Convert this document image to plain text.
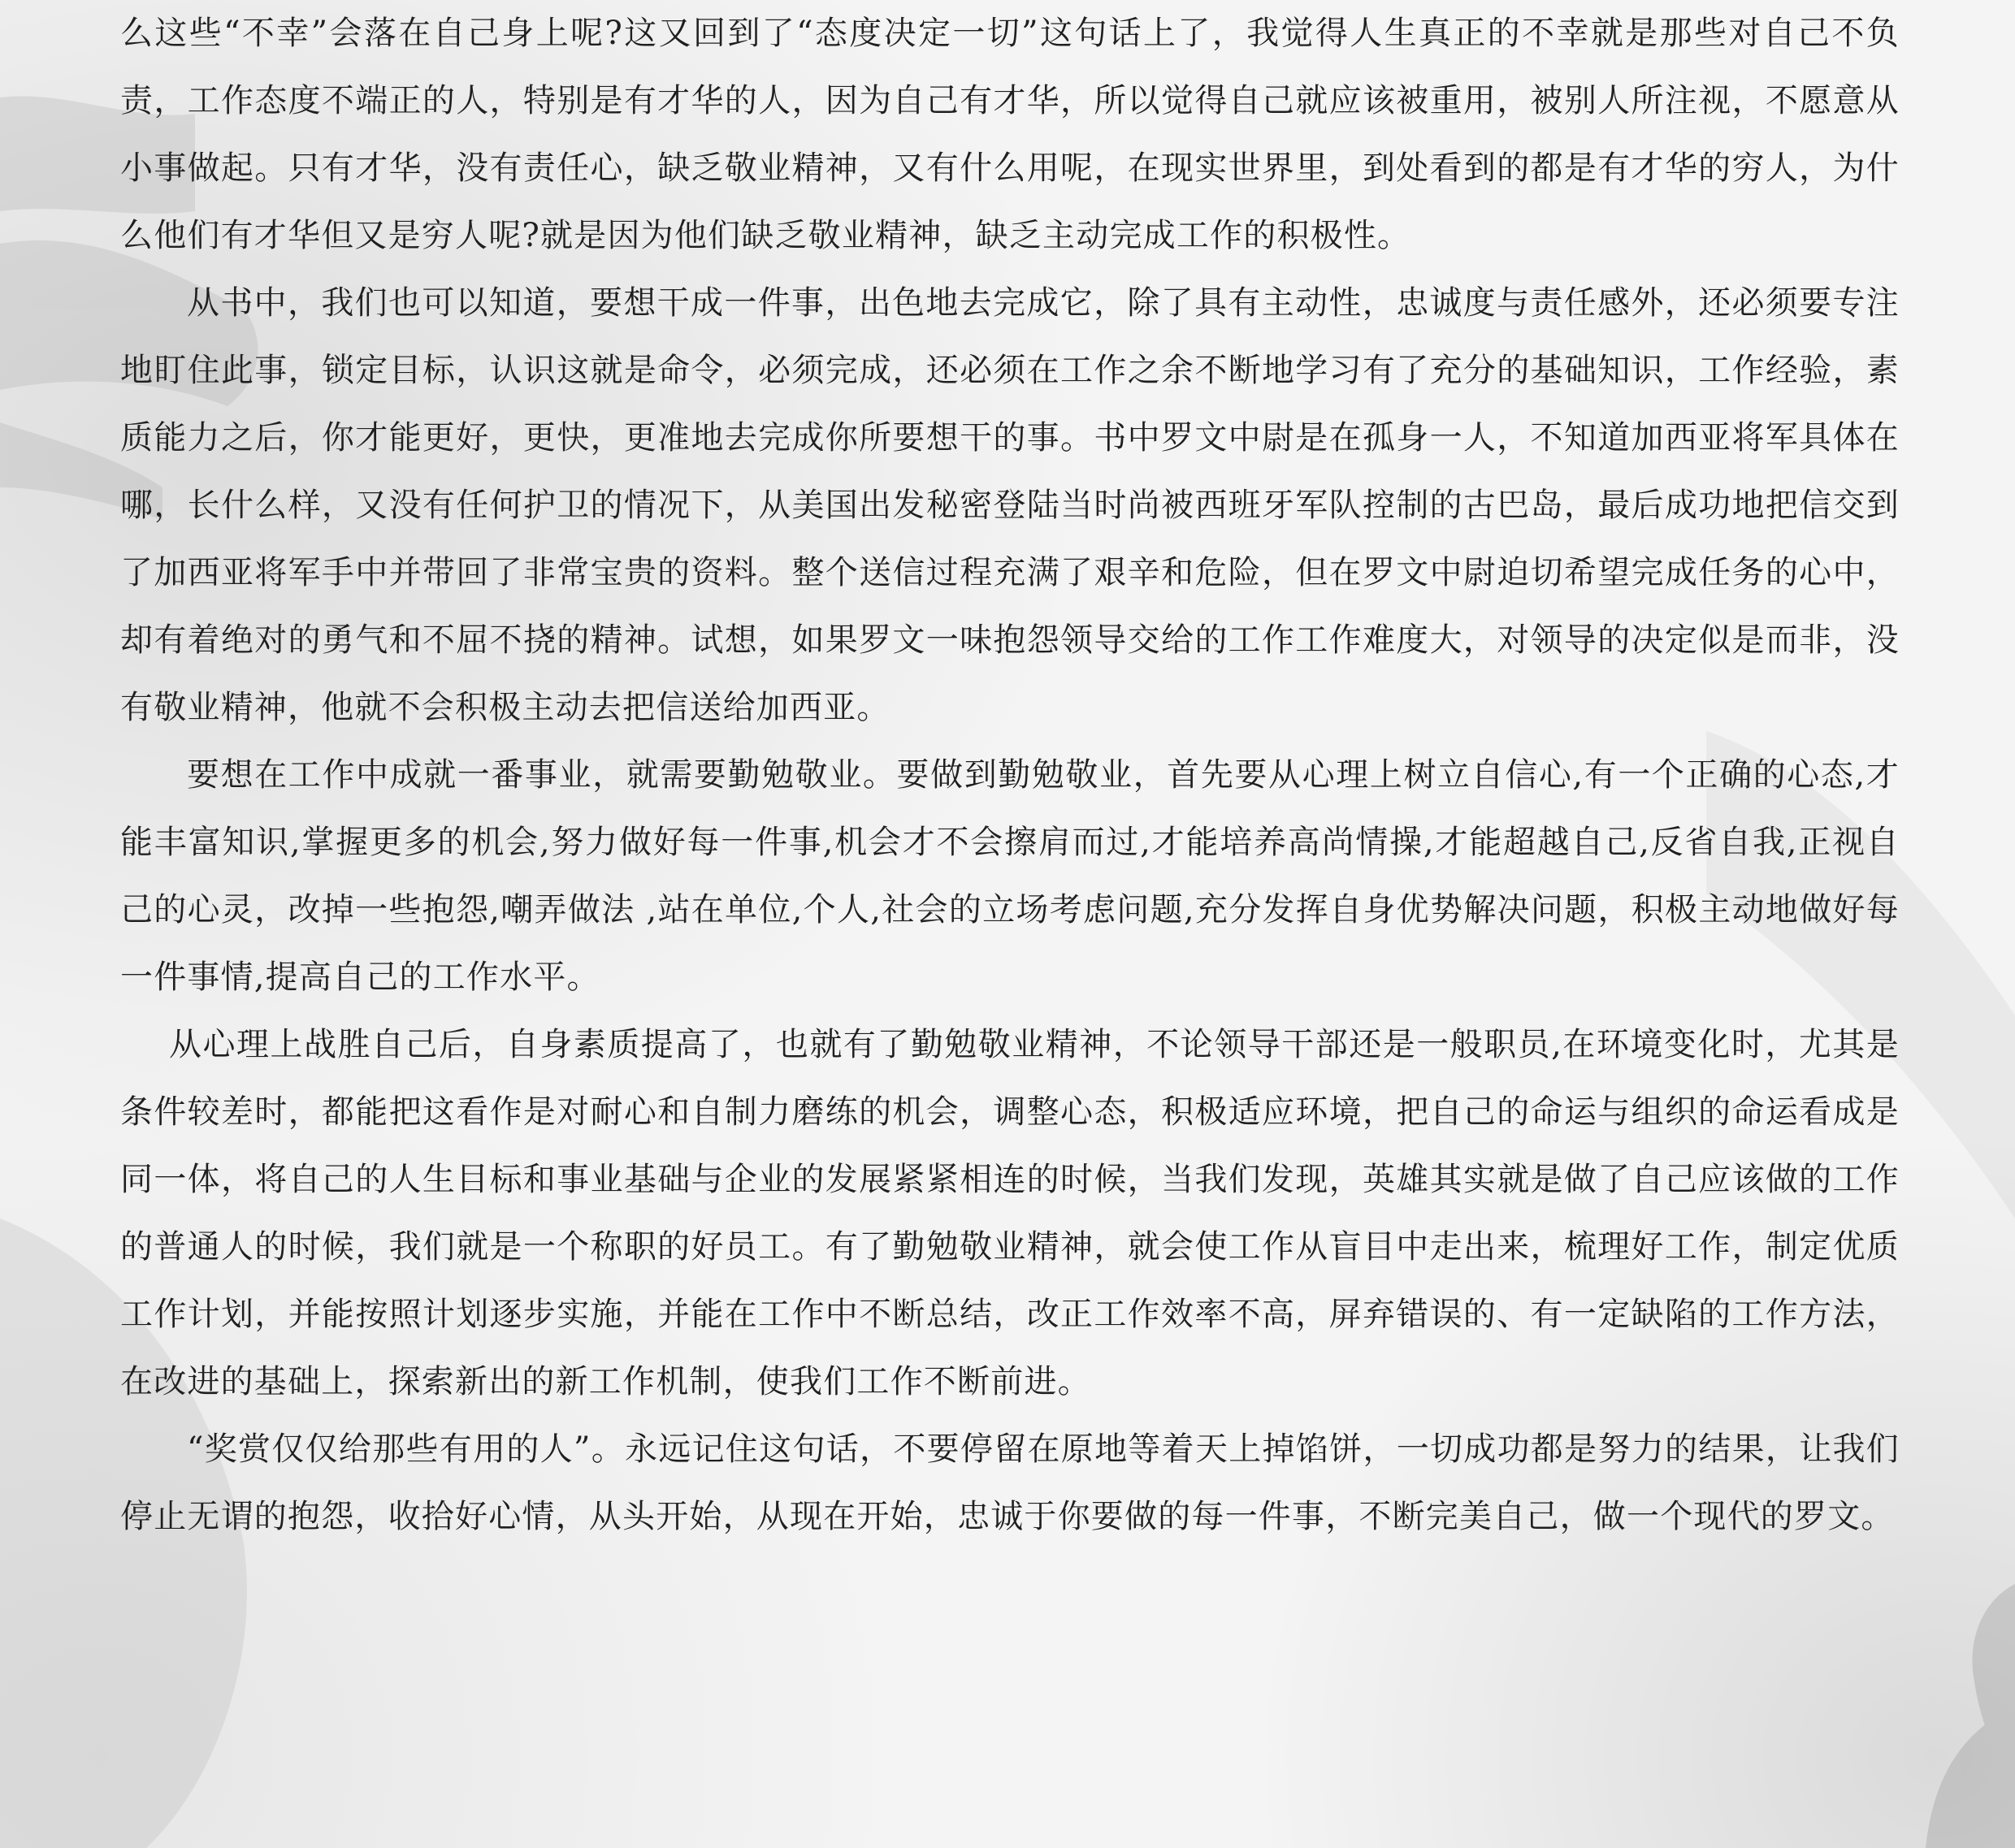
么这些“不幸”会落在自己身上呢?这又回到了“态度决定一切”这句话上了，我觉得人生真正的不幸就是那些对自己不负责，工作态度不端正的人，特别是有才华的人，因为自己有才华，所以觉得自己就应该被重用，被别人所注视，不愿意从小事做起。只有才华，没有责任心，缺乏敬业精神，又有什么用呢，在现实世界里，到处看到的都是有才华的穷人，为什么他们有才华但又是穷人呢?就是因为他们缺乏敬业精神，缺乏主动完成工作的积极性。

从书中，我们也可以知道，要想干成一件事，出色地去完成它，除了具有主动性，忠诚度与责任感外，还必须要专注地盯住此事，锁定目标，认识这就是命令，必须完成，还必须在工作之余不断地学习有了充分的基础知识，工作经验，素质能力之后，你才能更好，更快，更准地去完成你所要想干的事。书中罗文中尉是在孤身一人，不知道加西亚将军具体在哪，长什么样，又没有任何护卫的情况下，从美国出发秘密登陆当时尚被西班牙军队控制的古巴岛，最后成功地把信交到了加西亚将军手中并带回了非常宝贵的资料。整个送信过程充满了艰辛和危险，但在罗文中尉迫切希望完成任务的心中，却有着绝对的勇气和不屈不挠的精神。试想，如果罗文一味抱怨领导交给的工作工作难度大，对领导的决定似是而非，没有敬业精神，他就不会积极主动去把信送给加西亚。

要想在工作中成就一番事业，就需要勤勉敬业。要做到勤勉敬业，首先要从心理上树立自信心,有一个正确的心态,才能丰富知识,掌握更多的机会,努力做好每一件事,机会才不会擦肩而过,才能培养高尚情操,才能超越自己,反省自我,正视自己的心灵，改掉一些抱怨,嘲弄做法 ,站在单位,个人,社会的立场考虑问题,充分发挥自身优势解决问题，积极主动地做好每一件事情,提高自己的工作水平。

从心理上战胜自己后，自身素质提高了，也就有了勤勉敬业精神，不论领导干部还是一般职员,在环境变化时，尤其是条件较差时，都能把这看作是对耐心和自制力磨练的机会，调整心态，积极适应环境，把自己的命运与组织的命运看成是同一体，将自己的人生目标和事业基础与企业的发展紧紧相连的时候，当我们发现，英雄其实就是做了自己应该做的工作的普通人的时候，我们就是一个称职的好员工。有了勤勉敬业精神，就会使工作从盲目中走出来，梳理好工作，制定优质工作计划，并能按照计划逐步实施，并能在工作中不断总结，改正工作效率不高，屏弃错误的、有一定缺陷的工作方法，在改进的基础上，探索新出的新工作机制，使我们工作不断前进。

“奖赏仅仅给那些有用的人”。永远记住这句话，不要停留在原地等着天上掉馅饼，一切成功都是努力的结果，让我们停止无谓的抱怨，收拾好心情，从头开始，从现在开始，忠诚于你要做的每一件事，不断完美自己，做一个现代的罗文。
